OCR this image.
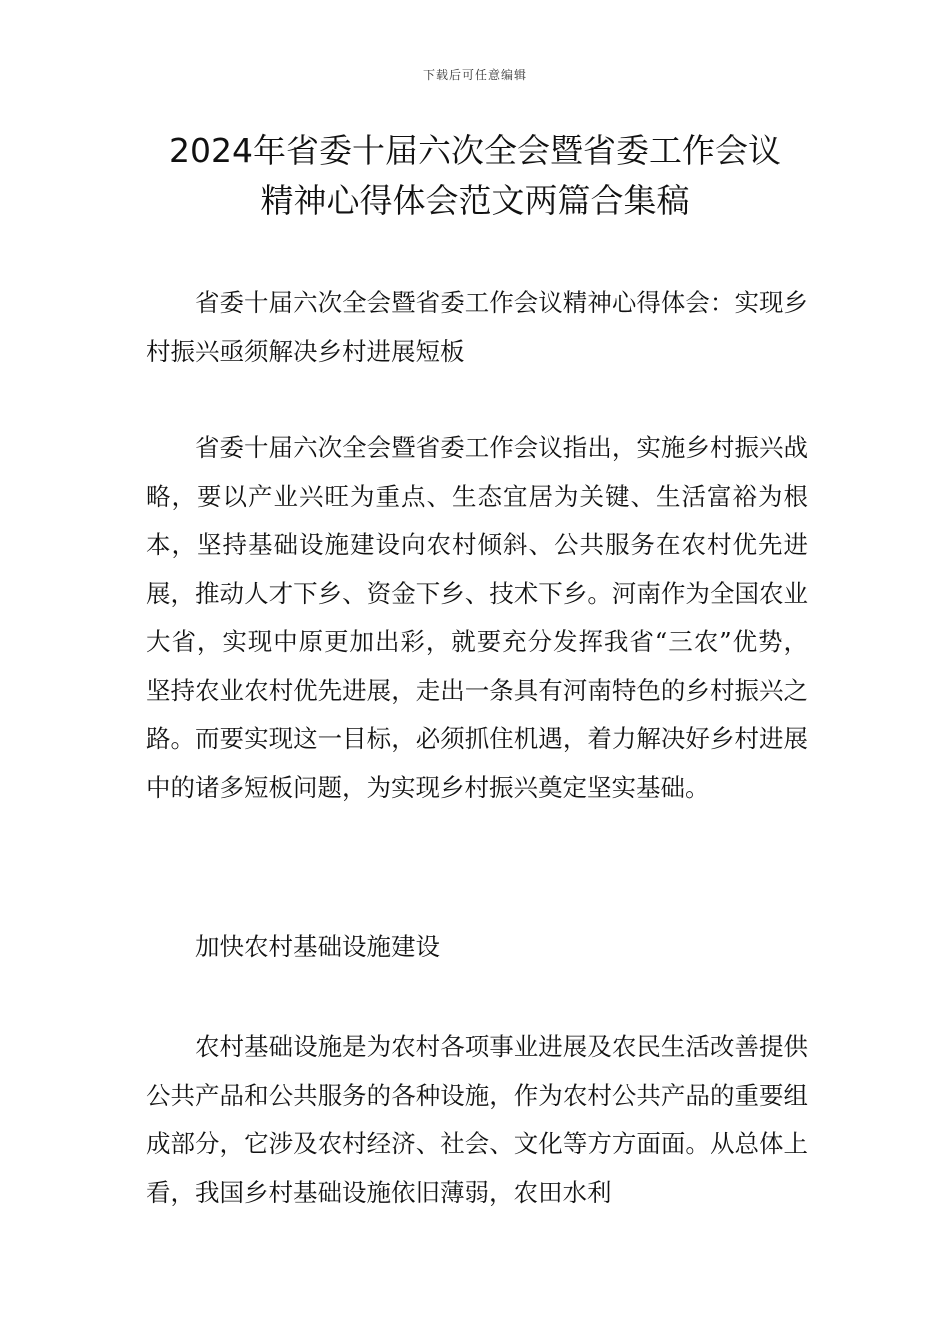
下载后可任意编辑
2024年省委十届六次全会暨省委工作会议
精神心得体会范文两篇合集稿

省委十届六次全会暨省委工作会议精神心得体会：实现乡村振兴亟须解决乡村进展短板

省委十届六次全会暨省委工作会议指出，实施乡村振兴战略，要以产业兴旺为重点、生态宜居为关键、生活富裕为根本，坚持基础设施建设向农村倾斜、公共服务在农村优先进展，推动人才下乡、资金下乡、技术下乡。河南作为全国农业大省，实现中原更加出彩，就要充分发挥我省“三农”优势，坚持农业农村优先进展，走出一条具有河南特色的乡村振兴之路。而要实现这一目标，必须抓住机遇，着力解决好乡村进展中的诸多短板问题，为实现乡村振兴奠定坚实基础。

加快农村基础设施建设

农村基础设施是为农村各项事业进展及农民生活改善提供公共产品和公共服务的各种设施，作为农村公共产品的重要组成部分，它涉及农村经济、社会、文化等方方面面。从总体上看，我国乡村基础设施依旧薄弱，农田水利
